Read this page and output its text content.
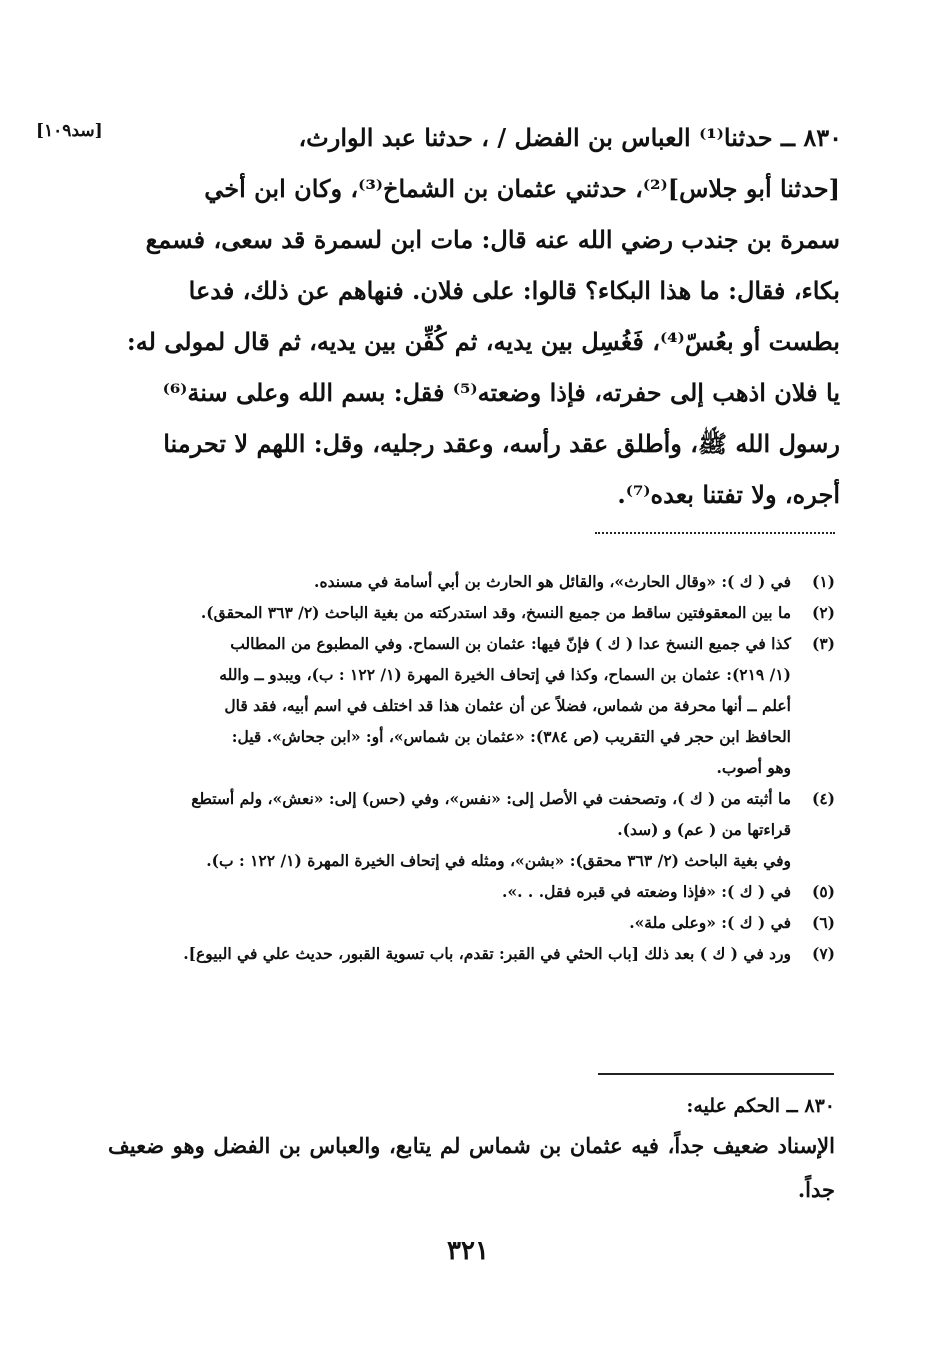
[سد١٠٩]	٨٣٠ ــ حدثنا⁽¹⁾ العباس بن الفضل / ، حدثنا عبد الوارث،
[حدثنا أبو جلاس]⁽²⁾، حدثني عثمان بن الشماخ⁽³⁾، وكان ابن أخي
سمرة بن جندب رضي الله عنه قال: مات ابن لسمرة قد سعى، فسمع
بكاء، فقال: ما هذا البكاء؟ قالوا: على فلان. فنهاهم عن ذلك، فدعا
بطست أو بعُسّ⁽⁴⁾، فَغُسِل بين يديه، ثم كُفِّن بين يديه، ثم قال لمولى له:
يا فلان اذهب إلى حفرته، فإذا وضعته⁽⁵⁾ فقل: بسم الله وعلى سنة⁽⁶⁾
رسول الله ﷺ، وأطلق عقد رأسه، وعقد رجليه، وقل: اللهم لا تحرمنا
أجره، ولا تفتنا بعده⁽⁷⁾.
(١)
في ( ك ): «وقال الحارث»، والقائل هو الحارث بن أبي أسامة في مسنده.
(٢)
ما بين المعقوفتين ساقط من جميع النسخ، وقد استدركته من بغية الباحث (٢/ ٣٦٣ المحقق).
(٣)
كذا في جميع النسخ عدا ( ك ) فإنّ فيها: عثمان بن السماح. وفي المطبوع من المطالب
(١/ ٢١٩): عثمان بن السماح، وكذا في إتحاف الخيرة المهرة (١/ ١٢٢ : ب)، ويبدو ــ والله
أعلم ــ أنها محرفة من شماس، فضلاً عن أن عثمان هذا قد اختلف في اسم أبيه، فقد قال
الحافظ ابن حجر في التقريب (ص ٣٨٤): «عثمان بن شماس»، أو: «ابن جحاش». قيل:
وهو أصوب.
(٤)
ما أثبته من ( ك )، وتصحفت في الأصل إلى: «نفس»، وفي (حس) إلى: «نعش»، ولم أستطع
قراءتها من ( عم) و (سد).
وفي بغية الباحث (٢/ ٣٦٣ محقق): «بشن»، ومثله في إتحاف الخيرة المهرة (١/ ١٢٢ : ب).
(٥)
في ( ك ): «فإذا وضعته في قبره فقل. . .».
(٦)
في ( ك ): «وعلى ملة».
(٧)
ورد في ( ك ) بعد ذلك [باب الحثي في القبر: تقدم، باب تسوية القبور، حديث علي في البيوع].
٨٣٠ ــ الحكم عليه:
الإسناد ضعيف جداً، فيه عثمان بن شماس لم يتابع، والعباس بن الفضل وهو ضعيف جداً.
٣٢١
